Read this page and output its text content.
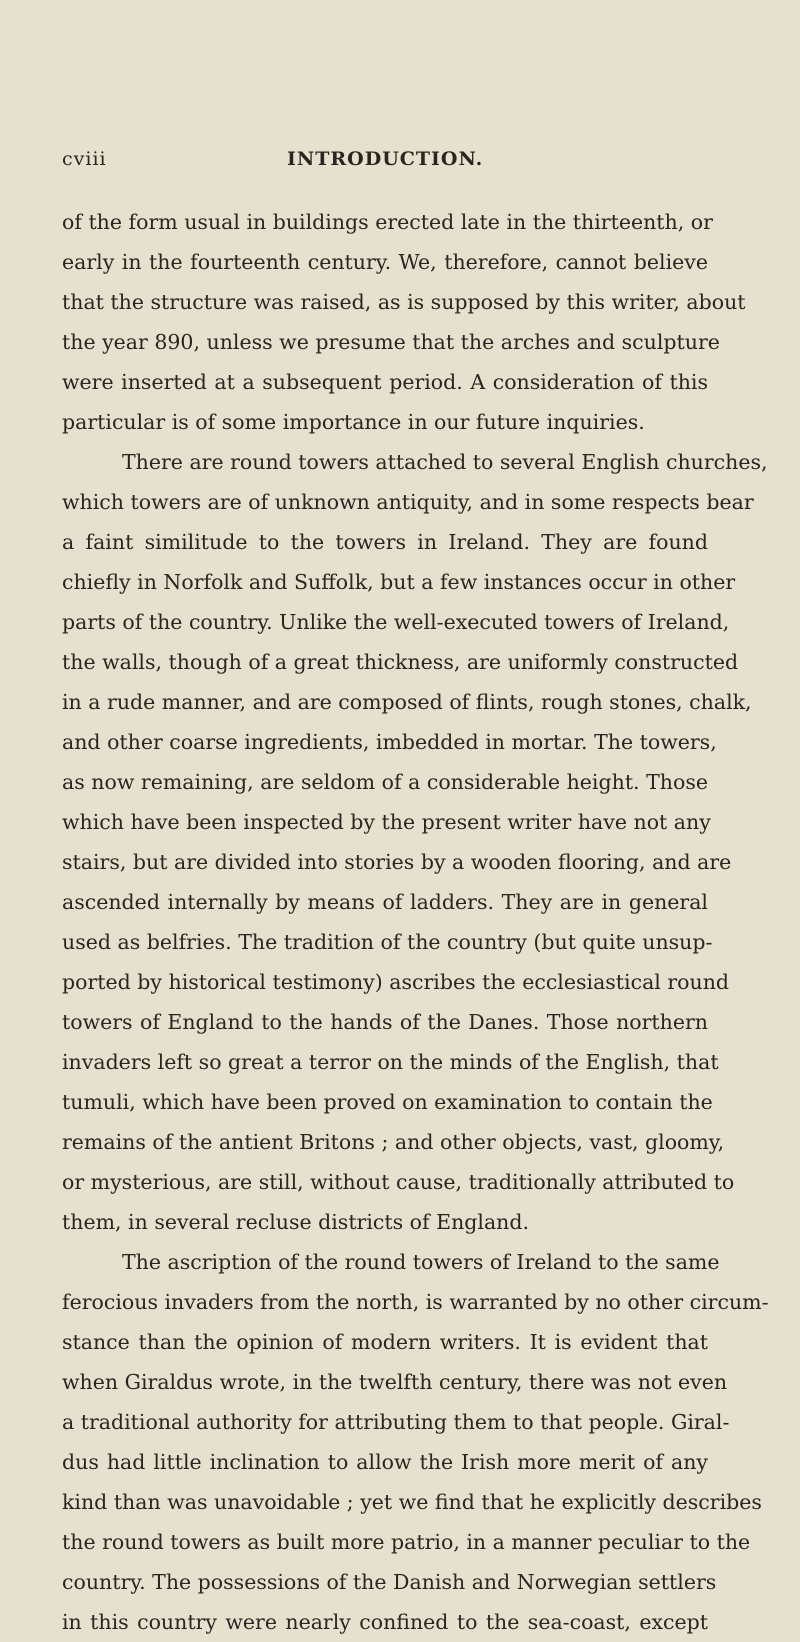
cviii	INTRODUCTION.
of the form usual in buildings erected late in the thirteenth, or
early in the fourteenth century. We, therefore, cannot believe
that the structure was raised, as is supposed by this writer, about
the year 890, unless we presume that the arches and sculpture
were inserted at a subsequent period. A consideration of this
particular is of some importance in our future inquiries.
There are round towers attached to several English churches,
which towers are of unknown antiquity, and in some respects bear
a faint similitude to the towers in Ireland. They are found
chiefly in Norfolk and Suffolk, but a few instances occur in other
parts of the country. Unlike the well-executed towers of Ireland,
the walls, though of a great thickness, are uniformly constructed
in a rude manner, and are composed of flints, rough stones, chalk,
and other coarse ingredients, imbedded in mortar. The towers,
as now remaining, are seldom of a considerable height. Those
which have been inspected by the present writer have not any
stairs, but are divided into stories by a wooden flooring, and are
ascended internally by means of ladders. They are in general
used as belfries. The tradition of the country (but quite unsup-
ported by historical testimony) ascribes the ecclesiastical round
towers of England to the hands of the Danes. Those northern
invaders left so great a terror on the minds of the English, that
tumuli, which have been proved on examination to contain the
remains of the antient Britons ; and other objects, vast, gloomy,
or mysterious, are still, without cause, traditionally attributed to
them, in several recluse districts of England.
The ascription of the round towers of Ireland to the same
ferocious invaders from the north, is warranted by no other circum-
stance than the opinion of modern writers. It is evident that
when Giraldus wrote, in the twelfth century, there was not even
a traditional authority for attributing them to that people. Giral-
dus had little inclination to allow the Irish more merit of any
kind than was unavoidable ; yet we find that he explicitly describes
the round towers as built more patrio, in a manner peculiar to the
country. The possessions of the Danish and Norwegian settlers
in this country were nearly confined to the sea-coast, except
